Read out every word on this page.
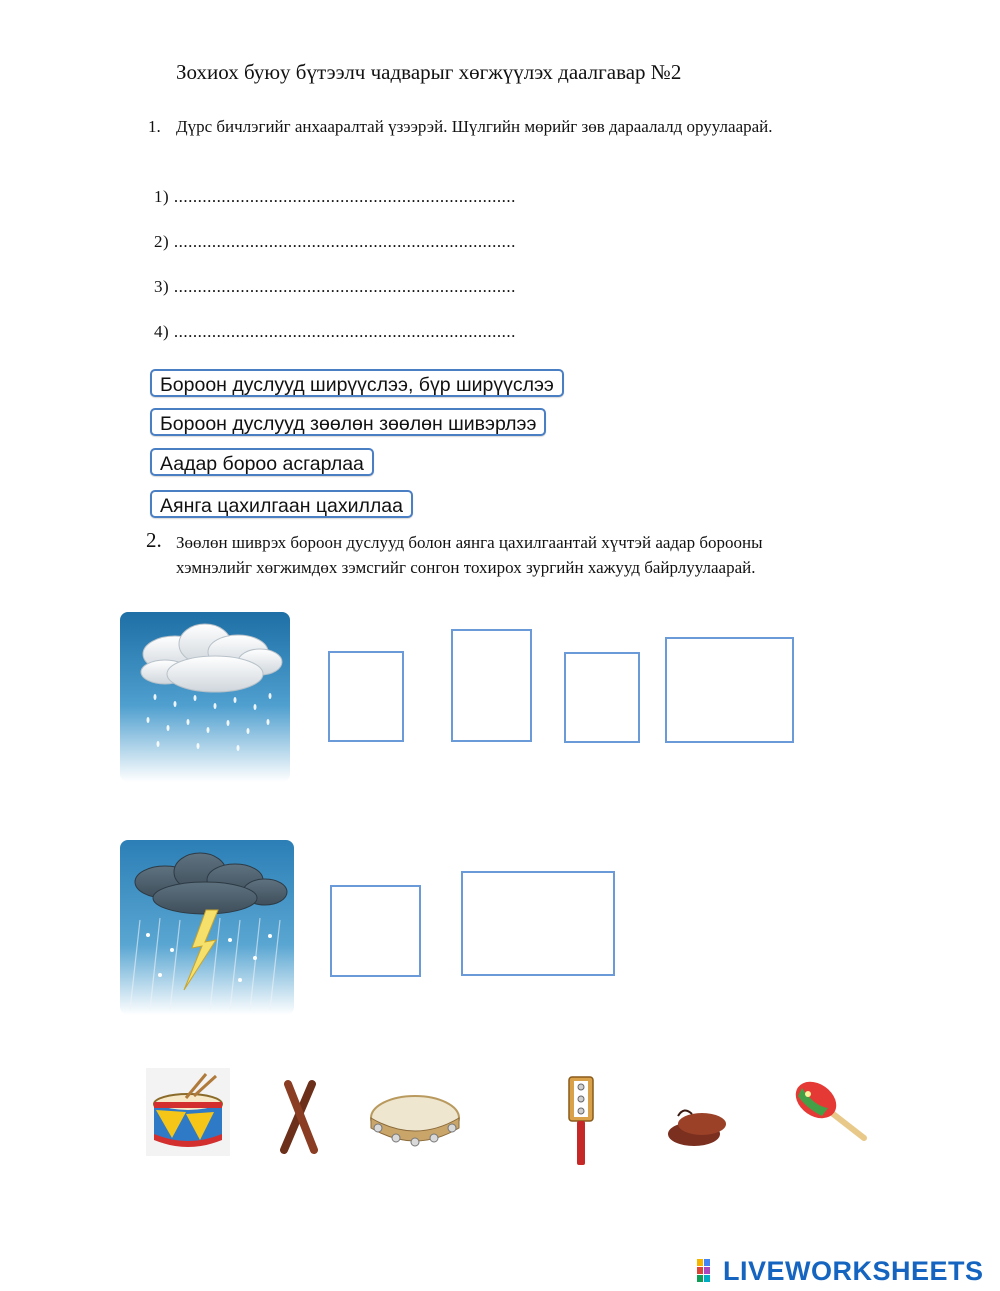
Зохиох буюу бүтээлч чадварыг хөгжүүлэх даалгавар №2
1. Дүрс бичлэгийг анхааралтай үзээрэй. Шүлгийн мөрийг зөв дараалалд оруулаарай.
1) ........................................................................
2) ........................................................................
3) ........................................................................
4) ........................................................................
Бороон дуслууд ширүүслээ, бүр ширүүслээ
Бороон дуслууд зөөлөн зөөлөн шивэрлээ
Аадар бороо асгарлаа
Аянга цахилгаан цахиллаа
2. Зөөлөн шиврэх бороон дуслууд болон аянга цахилгаантай хүчтэй аадар борооны
хэмнэлийг хөгжимдөх зэмсгийг сонгон тохирох зургийн хажууд байрлуулаарай.
LIVEWORKSHEETS
